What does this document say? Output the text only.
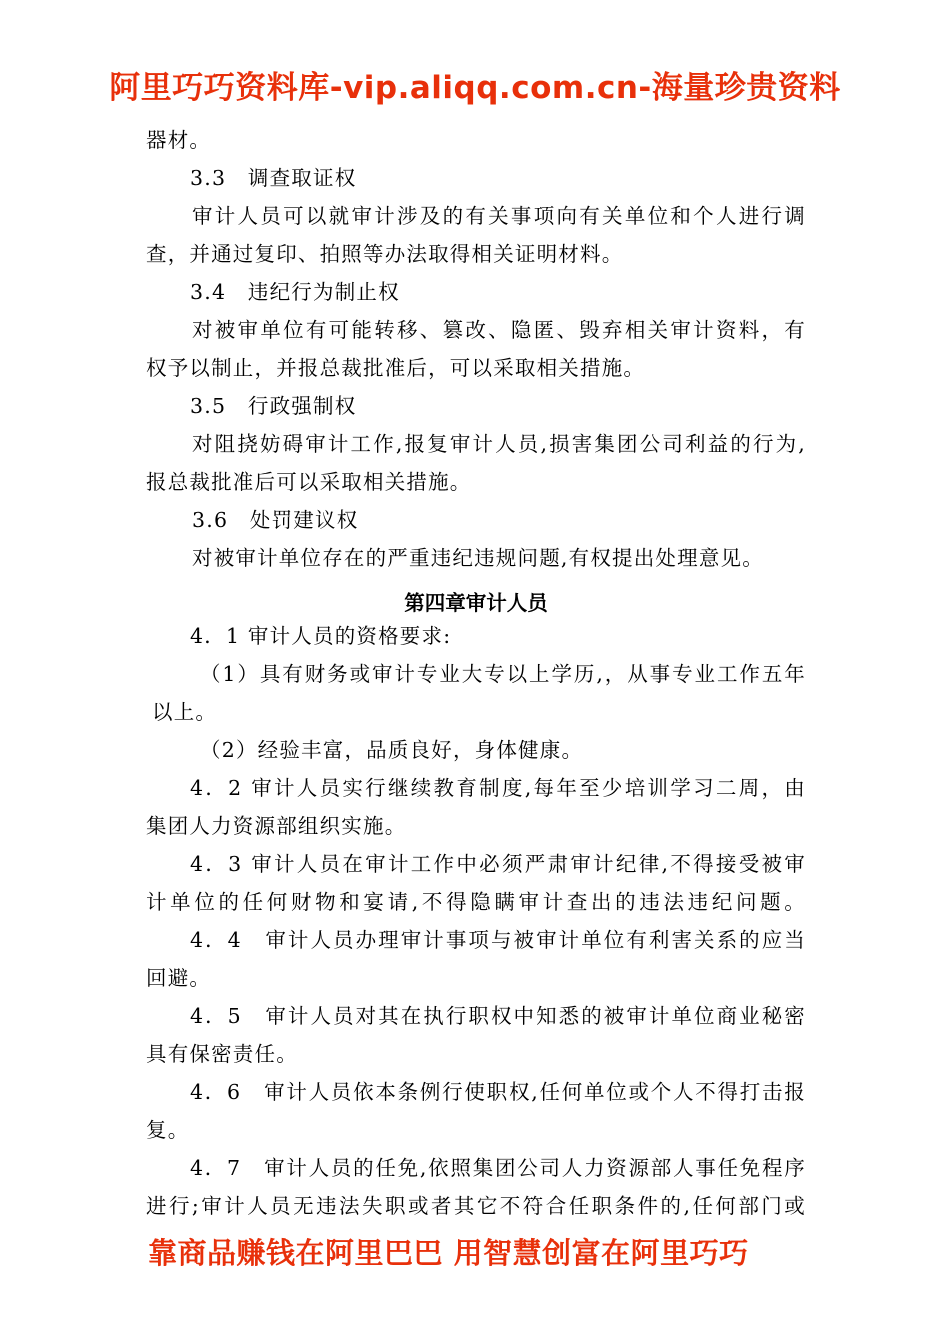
阿里巧巧资料库-vip.aliqq.com.cn-海量珍贵资料
器材。
3.3　调查取证权
审计人员可以就审计涉及的有关事项向有关单位和个人进行调
查，并通过复印、拍照等办法取得相关证明材料。
3.4　违纪行为制止权
对被审单位有可能转移、篡改、隐匿、毁弃相关审计资料，有
权予以制止，并报总裁批准后，可以采取相关措施。
3.5　行政强制权
对阻挠妨碍审计工作,报复审计人员,损害集团公司利益的行为,
报总裁批准后可以采取相关措施。
3.6　处罚建议权
对被审计单位存在的严重违纪违规问题,有权提出处理意见。
第四章审计人员
4．1 审计人员的资格要求:
（1）具有财务或审计专业大专以上学历,，从事专业工作五年
以上。
（2）经验丰富，品质良好，身体健康。
4．2 审计人员实行继续教育制度,每年至少培训学习二周，由
集团人力资源部组织实施。
4．3 审计人员在审计工作中必须严肃审计纪律,不得接受被审
计单位的任何财物和宴请,不得隐瞒审计查出的违法违纪问题。
4．4　审计人员办理审计事项与被审计单位有利害关系的应当
回避。
4．5　审计人员对其在执行职权中知悉的被审计单位商业秘密
具有保密责任。
4．6　审计人员依本条例行使职权,任何单位或个人不得打击报
复。
4．7　审计人员的任免,依照集团公司人力资源部人事任免程序
进行;审计人员无违法失职或者其它不符合任职条件的,任何部门或
靠商品赚钱在阿里巴巴 用智慧创富在阿里巧巧
